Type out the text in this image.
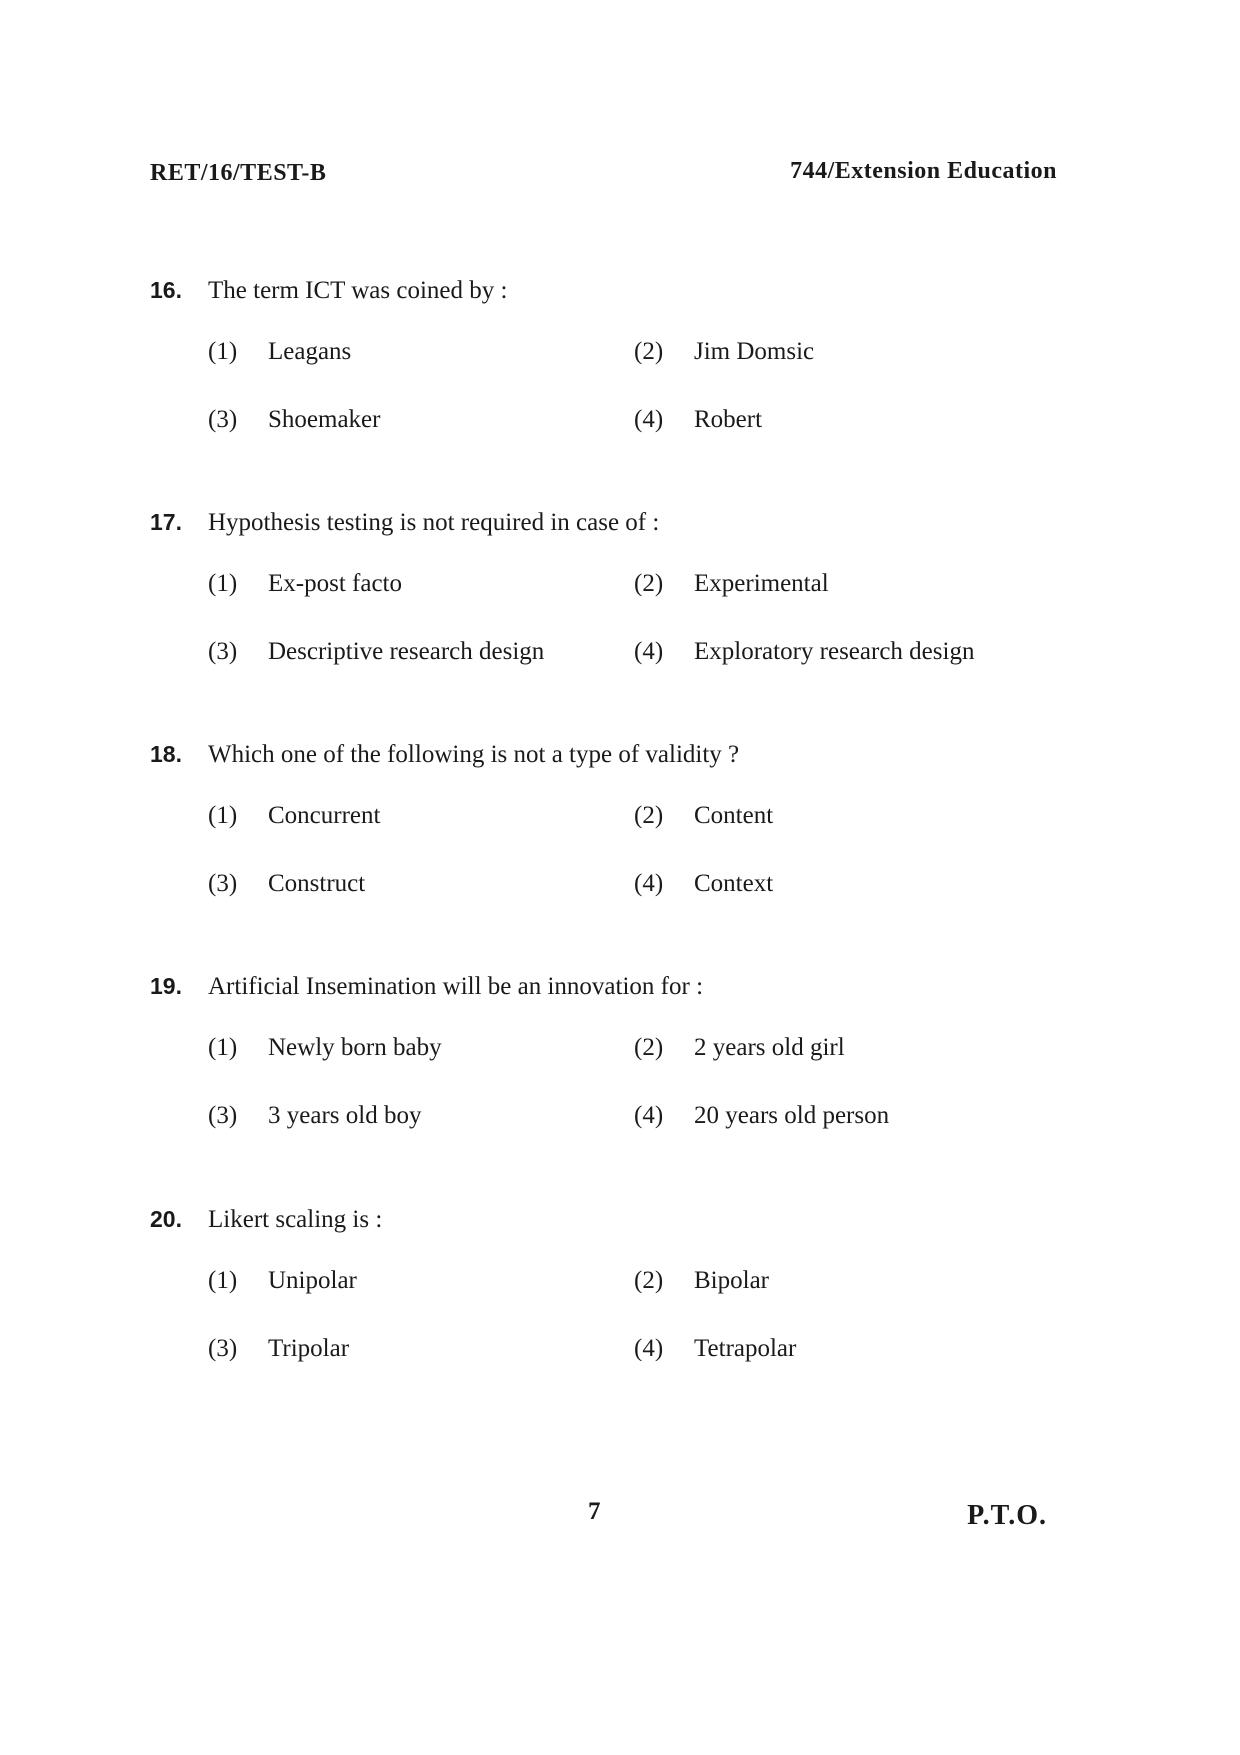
RET/16/TEST-B	744/Extension Education
16. The term ICT was coined by :
(1) Leagans	(2) Jim Domsic
(3) Shoemaker	(4) Robert
17. Hypothesis testing is not required in case of :
(1) Ex-post facto	(2) Experimental
(3) Descriptive research design	(4) Exploratory research design
18. Which one of the following is not a type of validity ?
(1) Concurrent	(2) Content
(3) Construct	(4) Context
19. Artificial Insemination will be an innovation for :
(1) Newly born baby	(2) 2 years old girl
(3) 3 years old boy	(4) 20 years old person
20. Likert scaling is :
(1) Unipolar	(2) Bipolar
(3) Tripolar	(4) Tetrapolar
7	P.T.O.
